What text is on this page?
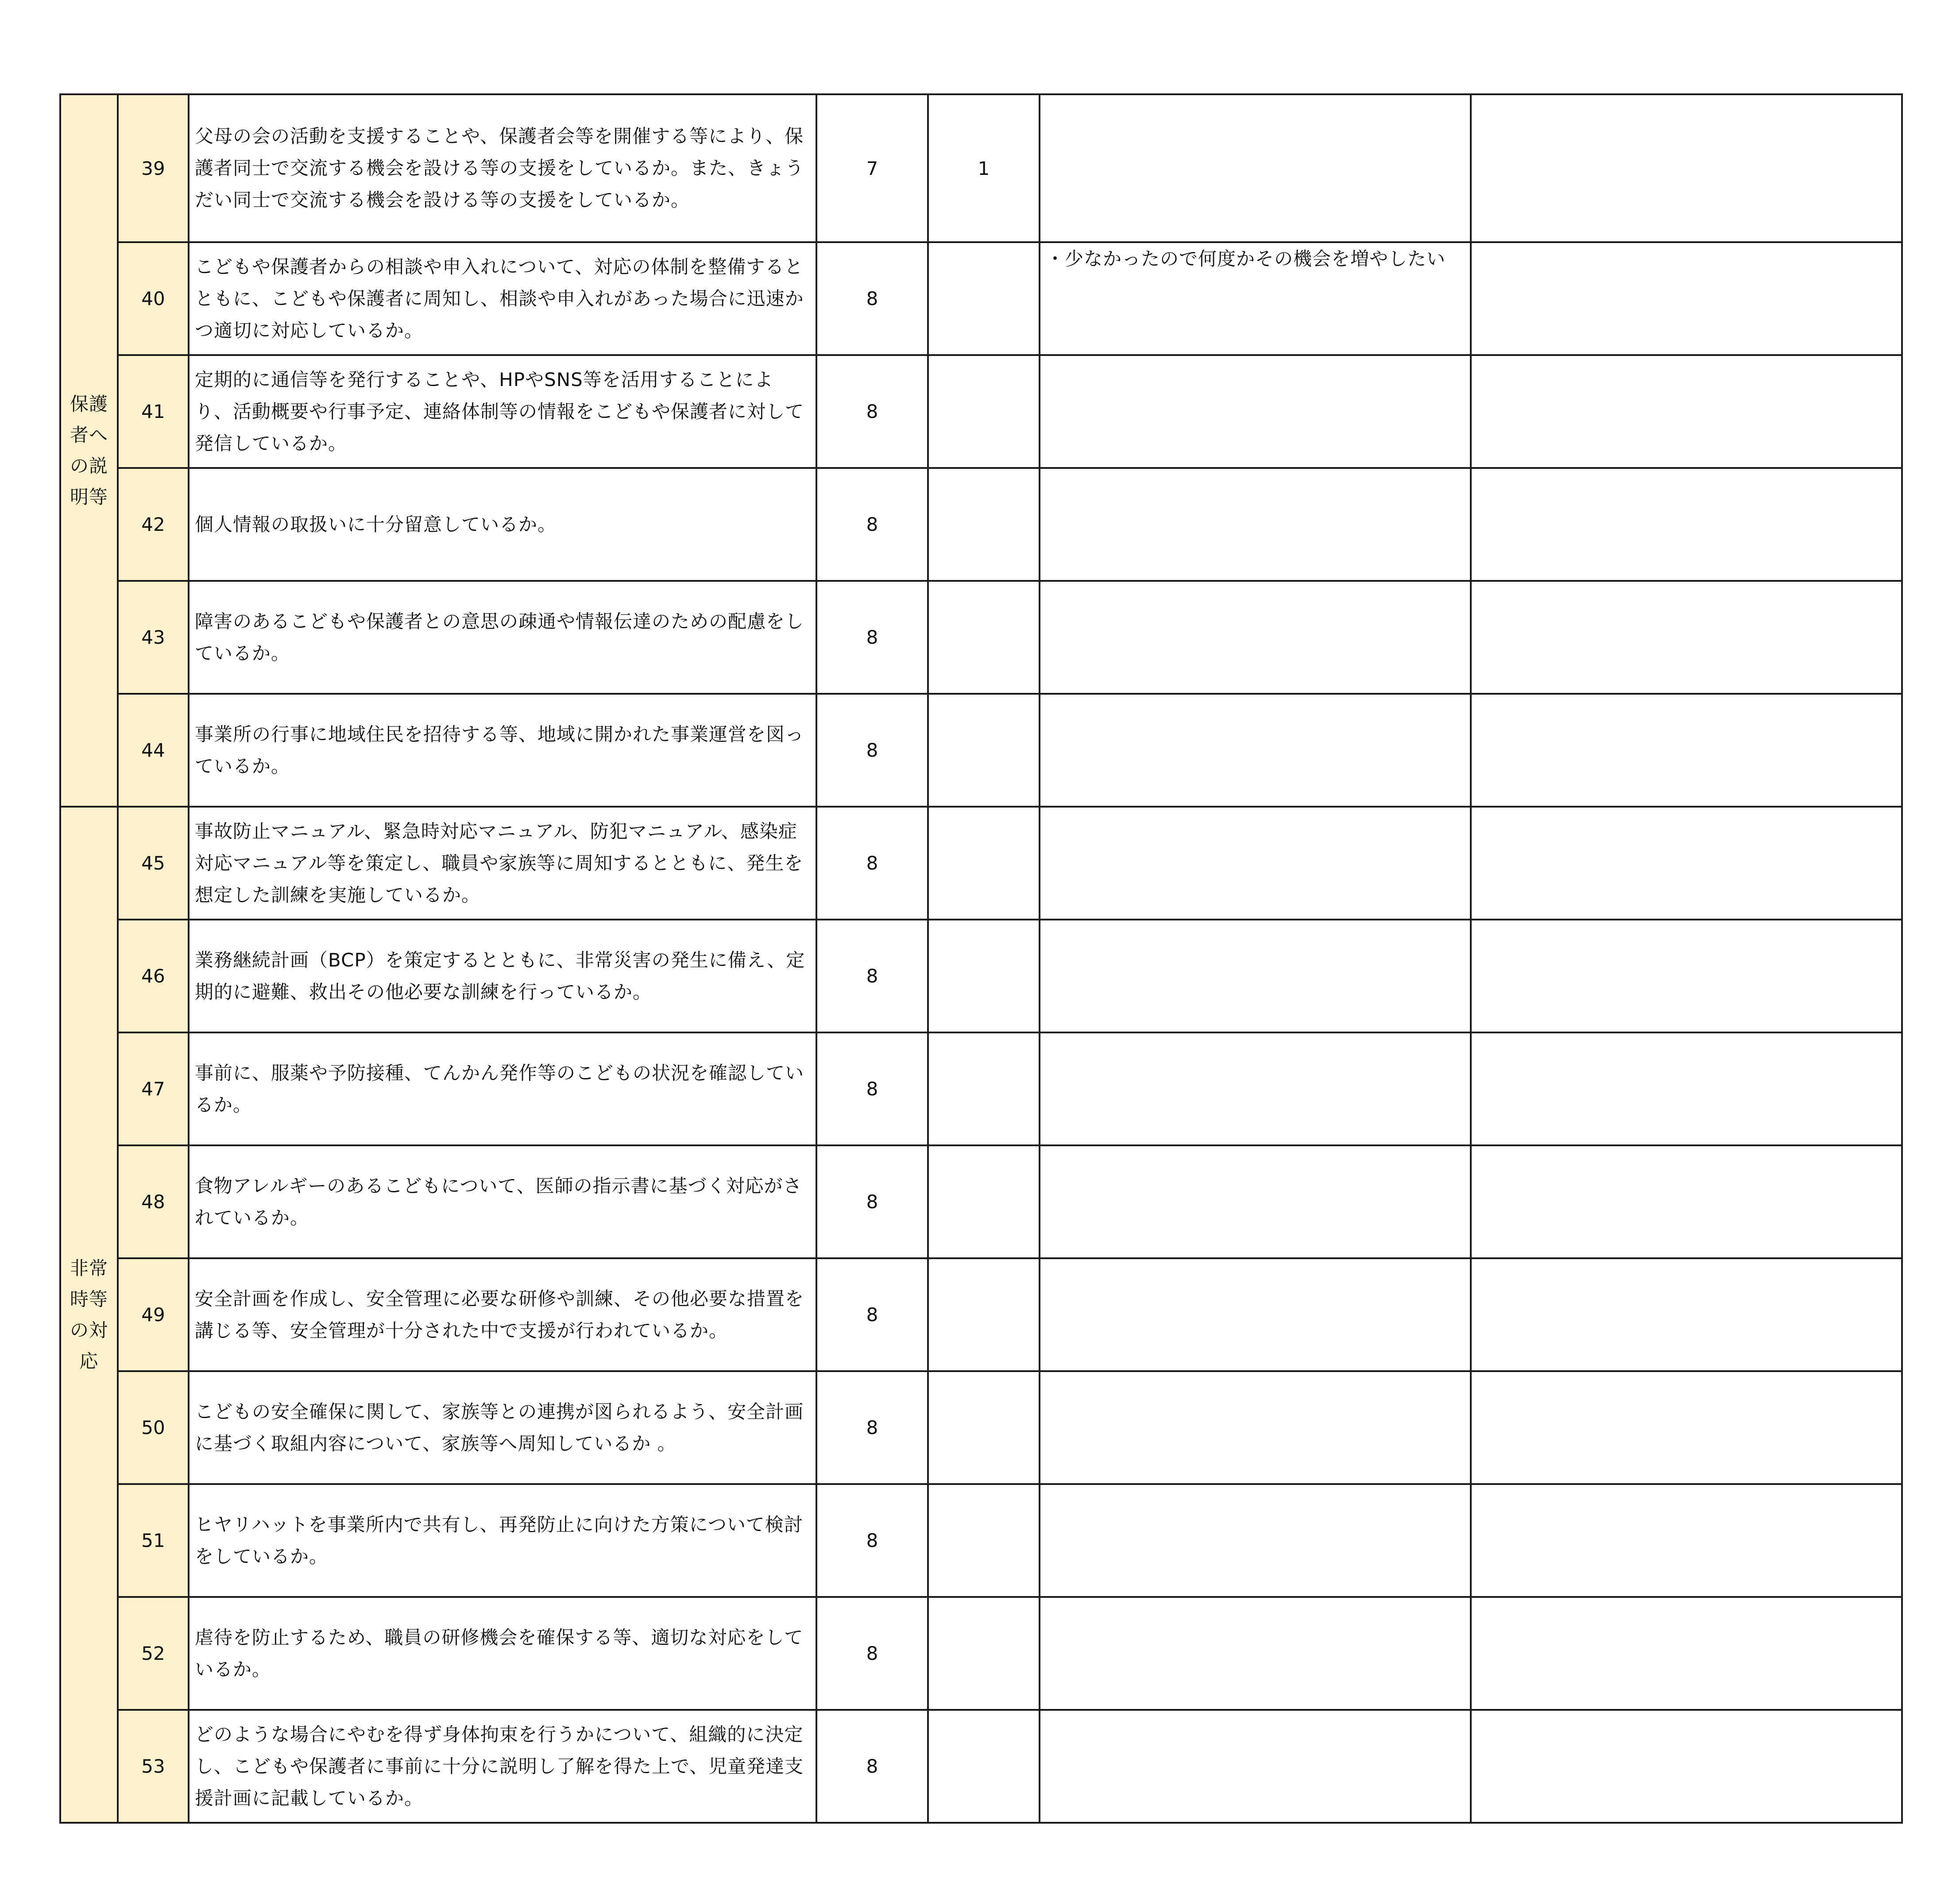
保護者への説明等	39	父母の会の活動を支援することや、保護者会等を開催する等により、保護者同士で交流する機会を設ける等の支援をしているか。また、きょうだい同士で交流する機会を設ける等の支援をしているか。	7	1		
	40	こどもや保護者からの相談や申入れについて、対応の体制を整備するとともに、こどもや保護者に周知し、相談や申入れがあった場合に迅速かつ適切に対応しているか。	8		・少なかったので何度かその機会を増やしたい	
	41	定期的に通信等を発行することや、HPやSNS等を活用することにより、活動概要や行事予定、連絡体制等の情報をこどもや保護者に対して発信しているか。	8			
	42	個人情報の取扱いに十分留意しているか。	8			
	43	障害のあるこどもや保護者との意思の疎通や情報伝達のための配慮をしているか。	8			
	44	事業所の行事に地域住民を招待する等、地域に開かれた事業運営を図っているか。	8			
非常時等の対応	45	事故防止マニュアル、緊急時対応マニュアル、防犯マニュアル、感染症対応マニュアル等を策定し、職員や家族等に周知するとともに、発生を想定した訓練を実施しているか。	8			
	46	業務継続計画（BCP）を策定するとともに、非常災害の発生に備え、定期的に避難、救出その他必要な訓練を行っているか。	8			
	47	事前に、服薬や予防接種、てんかん発作等のこどもの状況を確認しているか。	8			
	48	食物アレルギーのあるこどもについて、医師の指示書に基づく対応がされているか。	8			
	49	安全計画を作成し、安全管理に必要な研修や訓練、その他必要な措置を講じる等、安全管理が十分された中で支援が行われているか。	8			
	50	こどもの安全確保に関して、家族等との連携が図られるよう、安全計画に基づく取組内容について、家族等へ周知しているか 。	8			
	51	ヒヤリハットを事業所内で共有し、再発防止に向けた方策について検討をしているか。	8			
	52	虐待を防止するため、職員の研修機会を確保する等、適切な対応をしているか。	8			
	53	どのような場合にやむを得ず身体拘束を行うかについて、組織的に決定し、こどもや保護者に事前に十分に説明し了解を得た上で、児童発達支援計画に記載しているか。	8			
